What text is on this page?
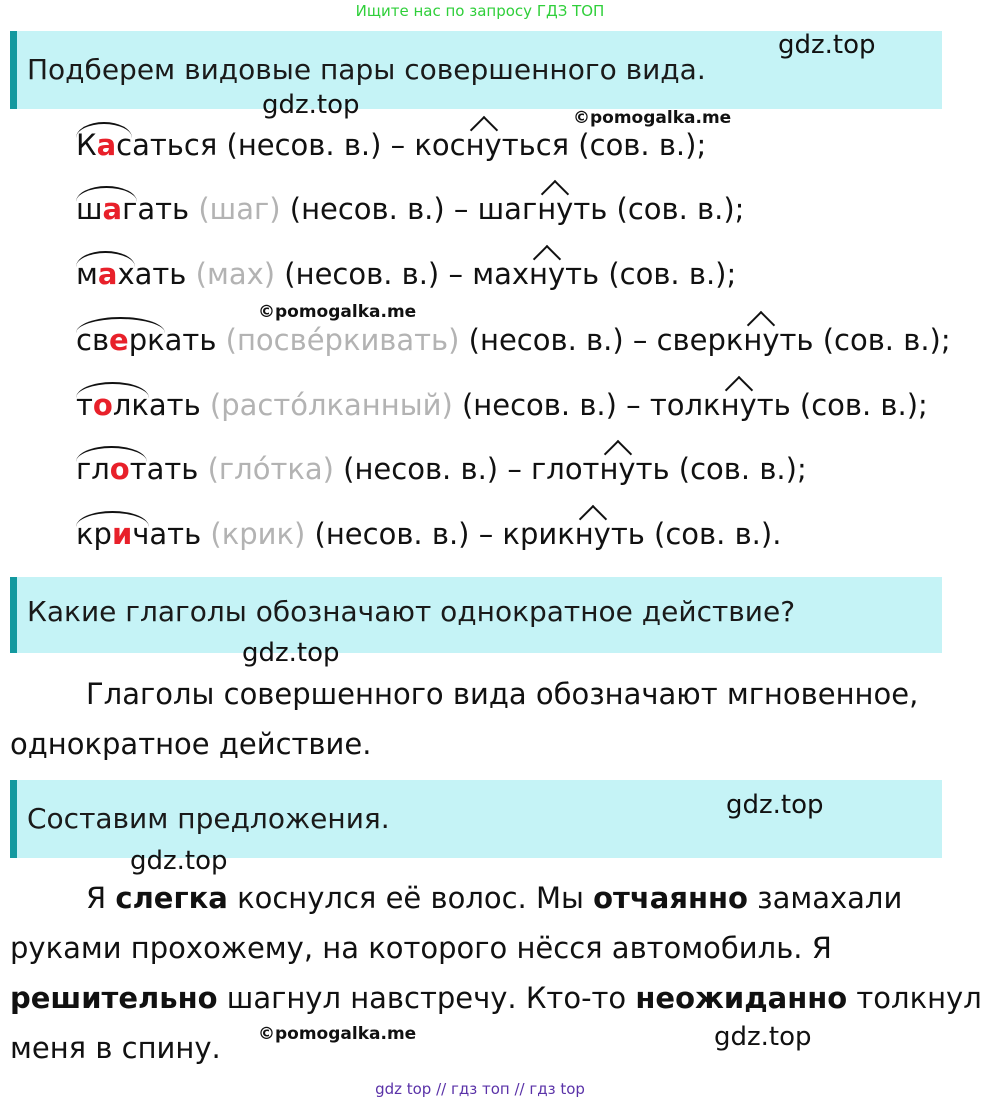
Ищите нас по запросу ГДЗ ТОП
Подберем видовые пары совершенного вида.
gdz.top
gdz.top	©pomogalka.me
Касаться (несов. в.) – коснуться (сов. в.);
шагать (шаг) (несов. в.) – шагнуть (сов. в.);
махать (мах) (несов. в.) – махнуть (сов. в.);
сверкать (посвéркивать) (несов. в.) – сверкнуть (сов. в.);
толкать (растóлканный) (несов. в.) – толкнуть (сов. в.);
глотать (глóтка) (несов. в.) – глотнуть (сов. в.);
кричать (крик) (несов. в.) – крикнуть (сов. в.).
©pomogalka.me
Какие глаголы обозначают однократное действие?
gdz.top
Глаголы совершенного вида обозначают мгновенное,
однократное действие.
Составим предложения.	gdz.top
gdz.top
Я слегка коснулся её волос. Мы отчаянно замахали
руками прохожему, на которого нёсся автомобиль. Я
решительно шагнул навстречу. Кто-то неожиданно толкнул
меня в спину. ©pomogalka.me	gdz.top
gdz top // гдз топ // гдз top
